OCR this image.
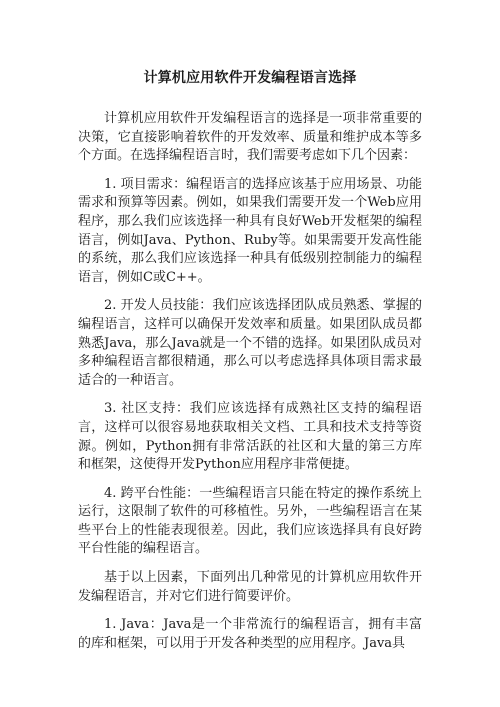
计算机应用软件开发编程语言选择

计算机应用软件开发编程语言的选择是一项非常重要的决策，它直接影响着软件的开发效率、质量和维护成本等多个方面。在选择编程语言时，我们需要考虑如下几个因素：

1. 项目需求：编程语言的选择应该基于应用场景、功能需求和预算等因素。例如，如果我们需要开发一个Web应用程序，那么我们应该选择一种具有良好Web开发框架的编程语言，例如Java、Python、Ruby等。如果需要开发高性能的系统，那么我们应该选择一种具有低级别控制能力的编程语言，例如C或C++。

2. 开发人员技能：我们应该选择团队成员熟悉、掌握的编程语言，这样可以确保开发效率和质量。如果团队成员都熟悉Java，那么Java就是一个不错的选择。如果团队成员对多种编程语言都很精通，那么可以考虑选择具体项目需求最适合的一种语言。

3. 社区支持：我们应该选择有成熟社区支持的编程语言，这样可以很容易地获取相关文档、工具和技术支持等资源。例如，Python拥有非常活跃的社区和大量的第三方库和框架，这使得开发Python应用程序非常便捷。

4. 跨平台性能：一些编程语言只能在特定的操作系统上运行，这限制了软件的可移植性。另外，一些编程语言在某些平台上的性能表现很差。因此，我们应该选择具有良好跨平台性能的编程语言。

基于以上因素，下面列出几种常见的计算机应用软件开发编程语言，并对它们进行简要评价。

1. Java：Java是一个非常流行的编程语言，拥有丰富的库和框架，可以用于开发各种类型的应用程序。Java具
